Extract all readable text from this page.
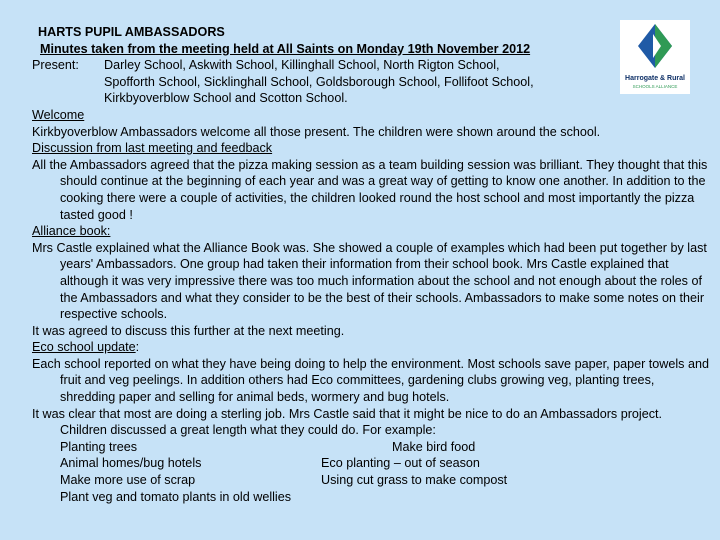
Harrogate & Rural
SCHOOLS ALLIANCE
HARTS PUPIL AMBASSADORS
Minutes taken from the meeting held at All Saints on Monday 19th November 2012
Present:	Darley School, Askwith School, Killinghall School, North Rigton School,
Spofforth School, Sicklinghall School, Goldsborough School, Follifoot School,
Kirkbyoverblow School and Scotton School.
Welcome
Kirkbyoverblow Ambassadors welcome all those present. The children were shown around the school.
Discussion from last meeting and feedback
All the Ambassadors agreed that the pizza making session as a team building session was brilliant. They thought that this should continue at the beginning of each year and was a great way of getting to know one another. In addition to the cooking there were a couple of activities, the children looked round the host school and most importantly the pizza tasted good !
Alliance book:
Mrs Castle explained what the Alliance Book was. She showed a couple of examples which had been put together by last years' Ambassadors. One group had taken their information from their school book. Mrs Castle explained that although it was very impressive there was too much information about the school and not enough about the roles of the Ambassadors and what they consider to be the best of their schools. Ambassadors to make some notes on their respective schools.
It was agreed to discuss this further at the next meeting.
Eco school update:
Each school reported on what they have being doing to help the environment. Most schools save paper, paper towels and fruit and veg peelings. In addition others had Eco committees, gardening clubs growing veg, planting trees, shredding paper and selling for animal beds, wormery and bug hotels.
It was clear that most are doing a sterling job. Mrs Castle said that it might be nice to do an Ambassadors project. Children discussed a great length what they could do. For example:
Planting trees	Make bird food
Animal homes/bug hotels	Eco planting – out of season
Make more use of scrap	Using cut grass to make compost
Plant veg and tomato plants in old wellies
